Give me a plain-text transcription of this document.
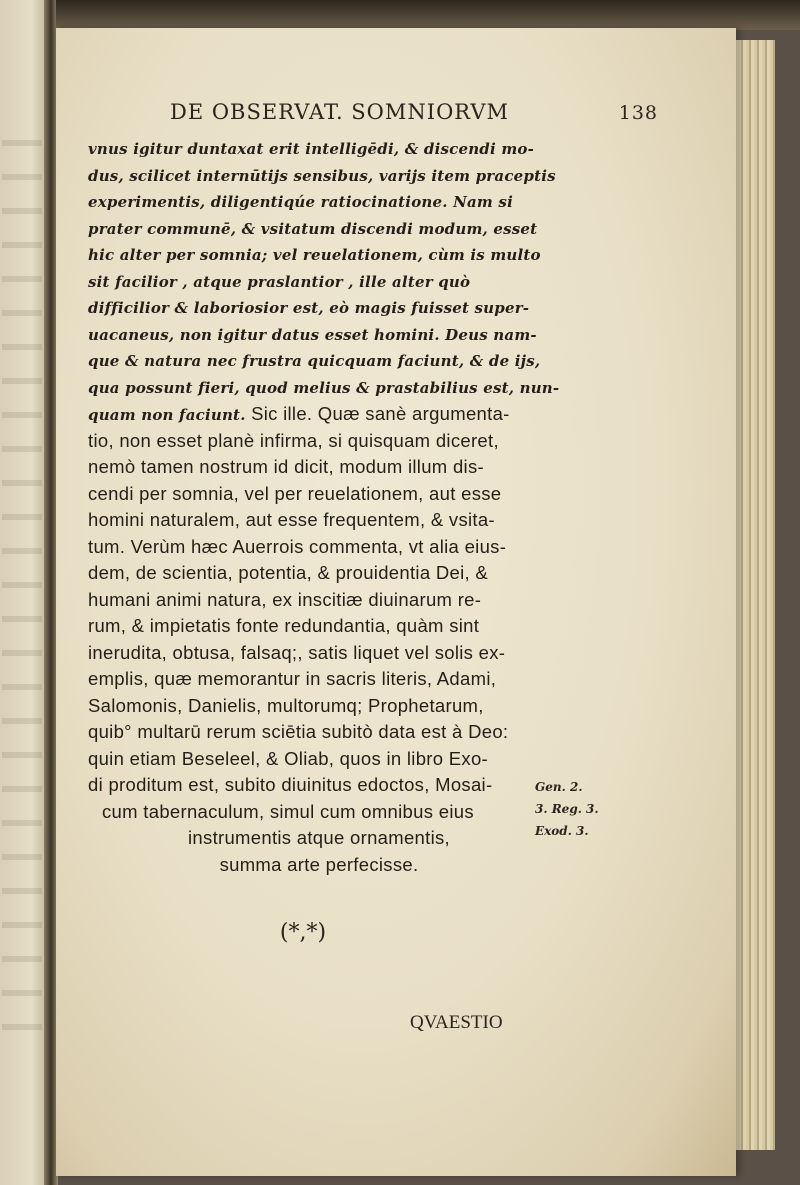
DE OBSERVAT. SOMNIORVM	138
vnus igitur duntaxat erit intelligēdi, & discendi mo-
dus, scilicet internūtijs sensibus, varijs item praceptis
experimentis, diligentiqúe ratiocinatione. Nam si
prater communē, & vsitatum discendi modum, esset
hic alter per somnia; vel reuelationem, cùm is multo
sit facilior , atque praslantior , ille alter quò
difficilior & laboriosior est, eò magis fuisset super-
uacaneus, non igitur datus esset homini. Deus nam-
que & natura nec frustra quicquam faciunt, & de ijs,
qua possunt fieri, quod melius & prastabilius est, nun-
quam non faciunt. Sic ille. Quæ sanè argumenta-
tio, non esset planè infirma, si quisquam diceret,
nemò tamen nostrum id dicit, modum illum dis-
cendi per somnia, vel per reuelationem, aut esse
homini naturalem, aut esse frequentem, & vsita-
tum. Verùm hæc Auerrois commenta, vt alia eius-
dem, de scientia, potentia, & prouidentia Dei, &
humani animi natura, ex inscitiæ diuinarum re-
rum, & impietatis fonte redundantia, quàm sint
inerudita, obtusa, falsaq;, satis liquet vel solis ex-
emplis, quæ memorantur in sacris literis, Adami,
Salomonis, Danielis, multorumq; Prophetarum,
quib° multarū rerum sciētia subitò data est à Deo:
quin etiam Beseleel, & Oliab, quos in libro Exo-
di proditum est, subito diuinitus edoctos, Mosai-
cum tabernaculum, simul cum omnibus eius
instrumentis atque ornamentis,
summa arte perfecisse.
Gen. 2.
3. Reg. 3.
Exod. 3.
(*,*)
QVAESTIO
